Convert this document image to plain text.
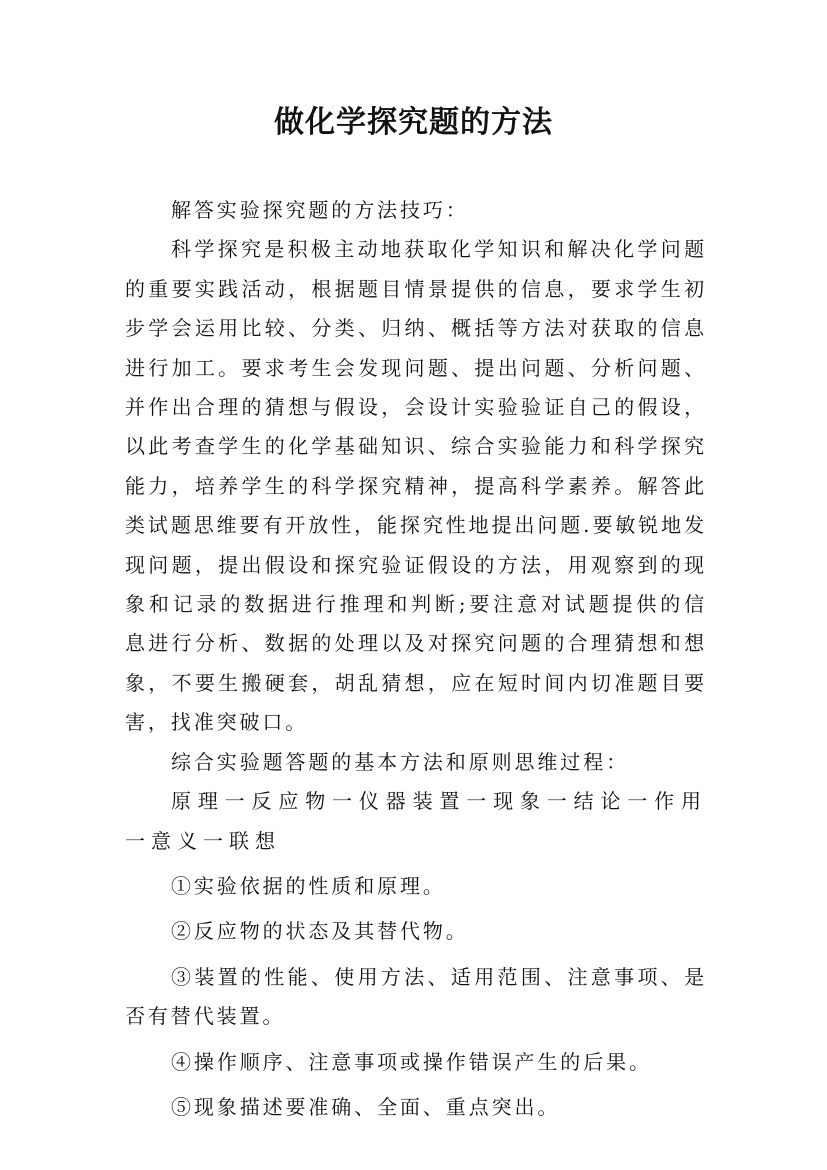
做化学探究题的方法

解答实验探究题的方法技巧：

科学探究是积极主动地获取化学知识和解决化学问题的重要实践活动，根据题目情景提供的信息，要求学生初步学会运用比较、分类、归纳、概括等方法对获取的信息进行加工。要求考生会发现问题、提出问题、分析问题、并作出合理的猜想与假设，会设计实验验证自己的假设，以此考查学生的化学基础知识、综合实验能力和科学探究能力，培养学生的科学探究精神，提高科学素养。解答此类试题思维要有开放性，能探究性地提出问题.要敏锐地发现问题，提出假设和探究验证假设的方法，用观察到的现象和记录的数据进行推理和判断;要注意对试题提供的信息进行分析、数据的处理以及对探究问题的合理猜想和想象，不要生搬硬套，胡乱猜想，应在短时间内切准题目要害，找准突破口。

综合实验题答题的基本方法和原则思维过程：

原理一反应物一仪器装置一现象一结论一作用一意义一联想

①实验依据的性质和原理。

②反应物的状态及其替代物。

③装置的性能、使用方法、适用范围、注意事项、是否有替代装置。

④操作顺序、注意事项或操作错误产生的后果。

⑤现象描述要准确、全面、重点突出。
